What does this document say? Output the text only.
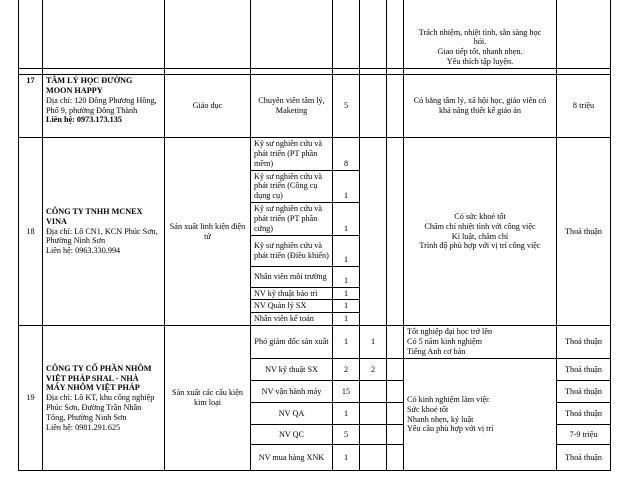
							Trách nhiệm, nhiệt tình, sẵn sàng học
hỏi.
Giao tiếp tốt, nhanh nhẹn.
Yêu thích tập luyện.	

17	TÂM LÝ HỌC ĐƯỜNG
MOON HAPPY
Địa chỉ: 120 Đông Phương Hồng, Phố 9, phường Đông Thành
Liên hệ: 0973.173.135	Giáo dục	Chuyên viên tâm lý, Maketing	5			Có bằng tâm lý, xã hội học, giáo viên có khả năng thiết kế giáo án	8 triệu
18	CÔNG TY TNHH MCNEX
VINA
Địa chỉ: Lô CN1, KCN Phúc Sơn, Phường Ninh Sơn
Liên hệ: 0963.330.994	Sản xuất linh kiện điện tử	Kỹ sư nghiên cứu và phát triển (PT phần mềm)	8			Có sức khoẻ tốt
Chăm chỉ nhiệt tình với công việc
Kỉ luật, chăm chỉ
Trình độ phù hợp với vị trí công việc	Thoả thuận
			Kỹ sư nghiên cứu và phát triển (Công cụ dụng cụ)	1				
			Kỹ sư nghiên cứu và phát triển (PT phần cứng)	1				
			Kỹ sư nghiên cứu và phát triển (Điều khiển)	1				
			Nhân viên môi trường	1				
			NV kỹ thuật bảo trì	1				
			NV Quản lý SX	1				
			Nhân viên kế toán	1				
19	CÔNG TY CỔ PHẦN NHÔM
VIỆT PHÁP SHAL - NHÀ
MÁY NHÔM VIỆT PHÁP
Địa chỉ: Lô KT, khu công nghiệp Phúc Sơn, Đường Trần Nhân Tông, Phường Ninh Sơn
Liên hệ: 0981.291.625	Sản xuất các cấu kiện kim loại	Phó giám đốc sản xuất	1	1		Tốt nghiệp đại học trở lên
Có 5 năm kinh nghiệm
Tiếng Anh cơ bản	Thoả thuận
			NV kỹ thuật SX	2	2		Có kinh nghiệm làm việc
Sức khoẻ tốt
Nhanh nhẹn, kỷ luật
Yêu cầu phù hợp với vị trí	Thoả thuận
			NV vận hành máy	15				Thoả thuận
			NV QA	1				Thoả thuận
			NV QC	5				7-9 triệu
			NV mua hàng XNK	1				Thoả thuận
